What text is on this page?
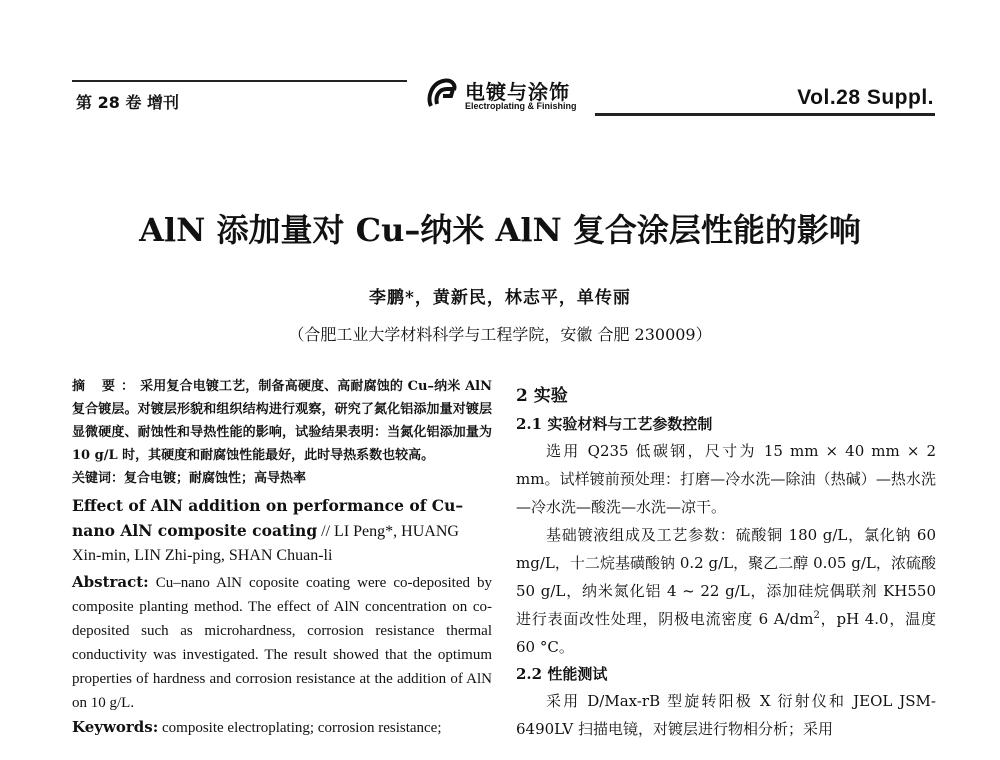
第 28 卷 增刊	电镀与涂饰
Electroplating & Finishing	Vol.28 Suppl.
AlN 添加量对 Cu–纳米 AlN 复合涂层性能的影响
李鹏*，黄新民，林志平，单传丽
（合肥工业大学材料科学与工程学院，安徽 合肥 230009）

摘 要：采用复合电镀工艺，制备高硬度、高耐腐蚀的 Cu–纳米 AlN 复合镀层。对镀层形貌和组织结构进行观察，研究了氮化铝添加量对镀层显微硬度、耐蚀性和导热性能的影响，试验结果表明：当氮化铝添加量为 10 g/L 时，其硬度和耐腐蚀性能最好，此时导热系数也较高。

关键词：复合电镀；耐腐蚀性；高导热率

Effect of AlN addition on performance of Cu–nano AlN composite coating // LI Peng*, HUANG Xin-min, LIN Zhi-ping, SHAN Chuan-li

Abstract: Cu–nano AlN coposite coating were co-deposited by composite planting method. The effect of AlN concentration on co-deposited such as microhardness, corrosion resistance thermal conductivity was investigated. The result showed that the optimum properties of hardness and corrosion resistance at the addition of AlN on 10 g/L.

Keywords: composite electroplating; corrosion resistance;

2 实验
2.1 实验材料与工艺参数控制

选用 Q235 低碳钢，尺寸为 15 mm × 40 mm × 2 mm。试样镀前预处理：打磨—冷水洗—除油（热碱）—热水洗—冷水洗—酸洗—水洗—凉干。

基础镀液组成及工艺参数：硫酸铜 180 g/L，氯化钠 60 mg/L，十二烷基磺酸钠 0.2 g/L，聚乙二醇 0.05 g/L，浓硫酸 50 g/L，纳米氮化铝 4 ~ 22 g/L，添加硅烷偶联剂 KH550 进行表面改性处理，阴极电流密度 6 $A/dm^2$，pH 4.0，温度 60 °C。

2.2 性能测试

采用 D/Max-rB 型旋转阳极 X 衍射仪和 JEOL JSM-6490LV 扫描电镜，对镀层进行物相分析；采用
